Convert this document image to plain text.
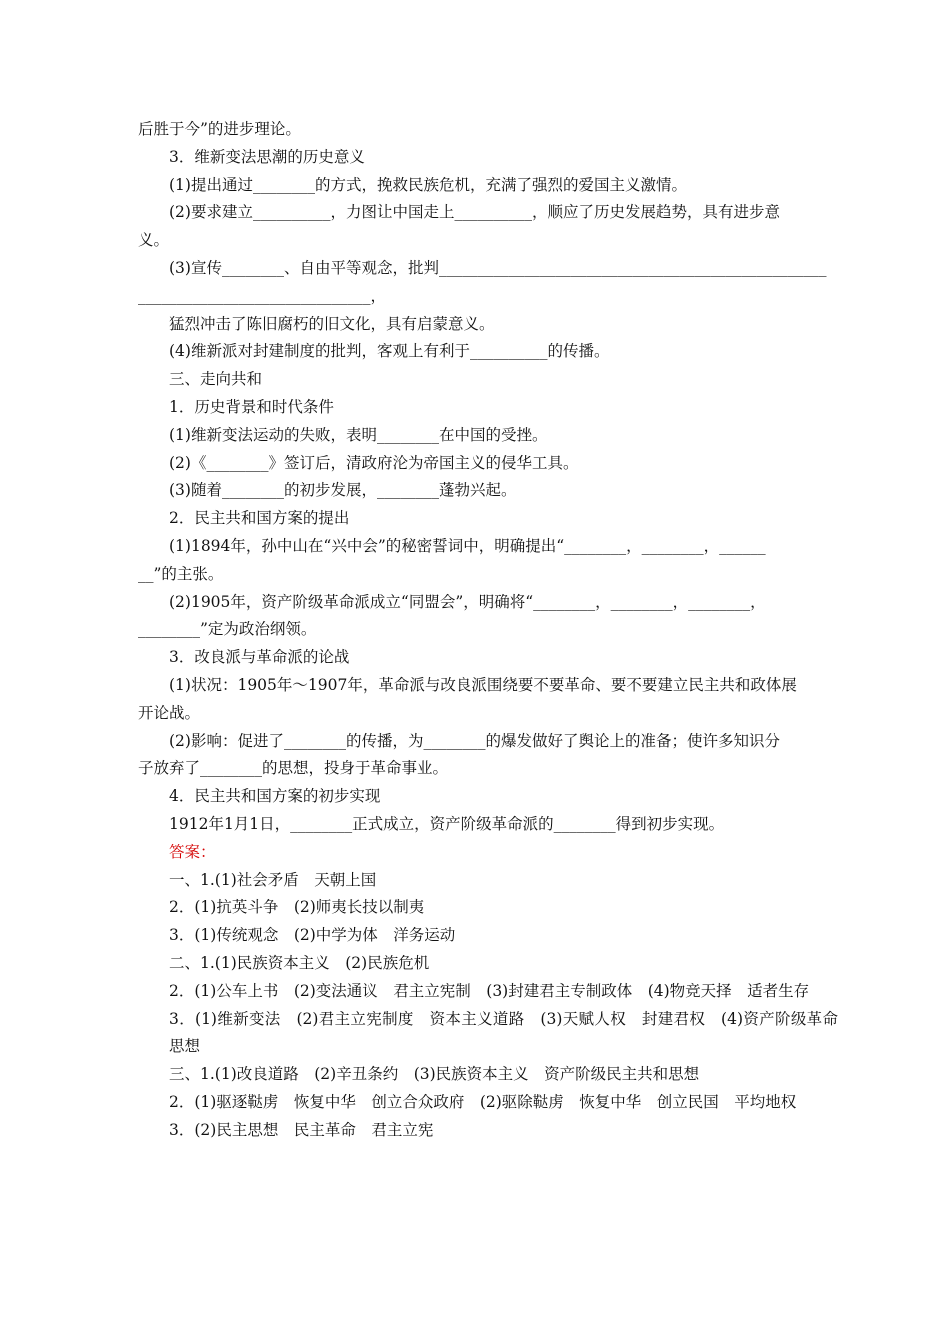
后胜于今”的进步理论。
3．维新变法思潮的历史意义
(1)提出通过________的方式，挽救民族危机，充满了强烈的爱国主义激情。
(2)要求建立__________，力图让中国走上__________，顺应了历史发展趋势，具有进步意
义。
(3)宣传________、自由平等观念，批判__________________________________________________
______________________________，
猛烈冲击了陈旧腐朽的旧文化，具有启蒙意义。
(4)维新派对封建制度的批判，客观上有利于__________的传播。
三、走向共和
1．历史背景和时代条件
(1)维新变法运动的失败，表明________在中国的受挫。
(2)《________》签订后，清政府沦为帝国主义的侵华工具。
(3)随着________的初步发展，________蓬勃兴起。
2．民主共和国方案的提出
(1)1894年，孙中山在“兴中会”的秘密誓词中，明确提出“________，________，______
__”的主张。
(2)1905年，资产阶级革命派成立“同盟会”，明确将“________，________，________，
________”定为政治纲领。
3．改良派与革命派的论战
(1)状况：1905年～1907年，革命派与改良派围绕要不要革命、要不要建立民主共和政体展
开论战。
(2)影响：促进了________的传播，为________的爆发做好了舆论上的准备；使许多知识分
子放弃了________的思想，投身于革命事业。
4．民主共和国方案的初步实现
1912年1月1日，________正式成立，资产阶级革命派的________得到初步实现。
答案：
一、1.(1)社会矛盾　天朝上国
2．(1)抗英斗争　(2)师夷长技以制夷
3．(1)传统观念　(2)中学为体　洋务运动
二、1.(1)民族资本主义　(2)民族危机
2．(1)公车上书　(2)变法通议　君主立宪制　(3)封建君主专制政体　(4)物竞天择　适者生存
3．(1)维新变法　(2)君主立宪制度　资本主义道路　(3)天赋人权　封建君权　(4)资产阶级革命思想
三、1.(1)改良道路　(2)辛丑条约　(3)民族资本主义　资产阶级民主共和思想
2．(1)驱逐鞑虏　恢复中华　创立合众政府　(2)驱除鞑虏　恢复中华　创立民国　平均地权
3．(2)民主思想　民主革命　君主立宪
